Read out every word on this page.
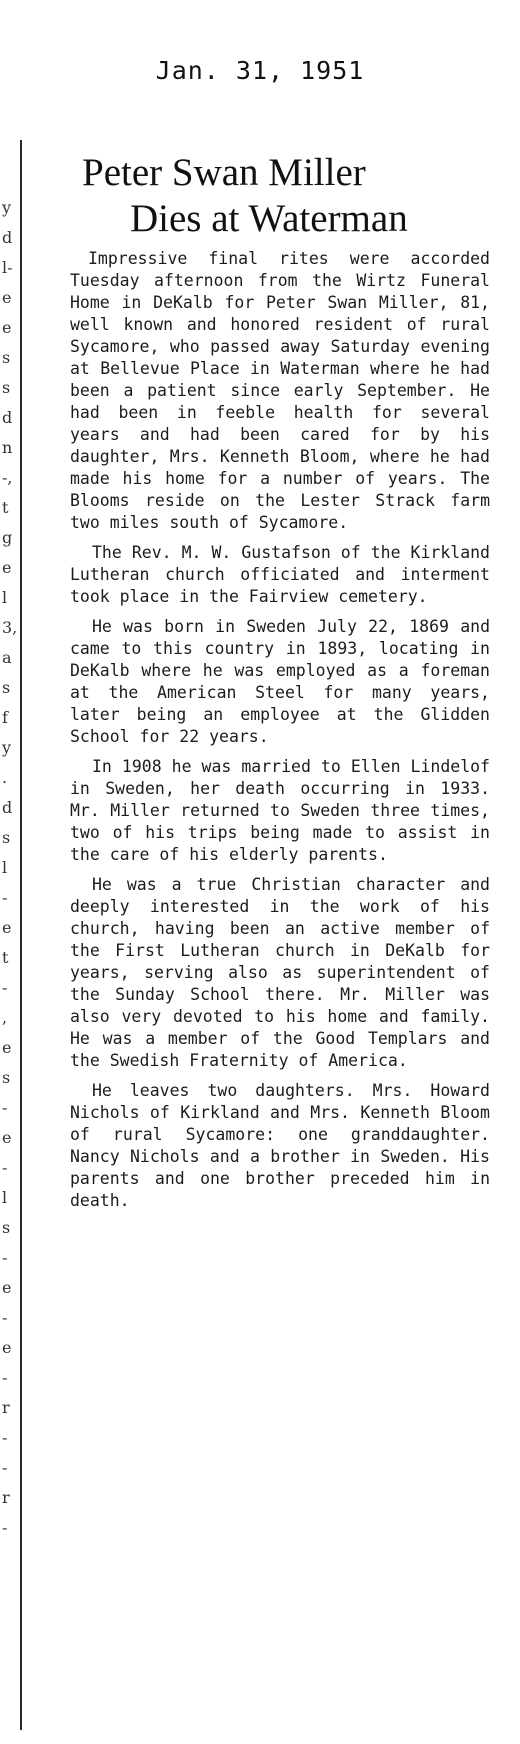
Jan. 31, 1951
y
d
l-
e
e
s
s
d
n
-,
t
g
e
l
3,
a
s
f
y
.
d
s
l
-
e
t
-
,
e
s
-
e
-
l
s
-
e
-
e
-
r
-
-
r
-
Peter Swan Miller
Dies at Waterman

Impressive final rites were accorded Tuesday afternoon from the Wirtz Funeral Home in DeKalb for Peter Swan Miller, 81, well known and honored resident of rural Sycamore, who passed away Saturday evening at Bellevue Place in Waterman where he had been a patient since early September. He had been in feeble health for several years and had been cared for by his daughter, Mrs. Kenneth Bloom, where he had made his home for a number of years. The Blooms reside on the Lester Strack farm two miles south of Sycamore.

The Rev. M. W. Gustafson of the Kirkland Lutheran church officiated and interment took place in the Fairview cemetery.

He was born in Sweden July 22, 1869 and came to this country in 1893, locating in DeKalb where he was employed as a foreman at the American Steel for many years, later being an employee at the Glidden School for 22 years.

In 1908 he was married to Ellen Lindelof in Sweden, her death occurring in 1933. Mr. Miller returned to Sweden three times, two of his trips being made to assist in the care of his elderly parents.

He was a true Christian character and deeply interested in the work of his church, having been an active member of the First Lutheran church in DeKalb for years, serving also as superintendent of the Sunday School there. Mr. Miller was also very devoted to his home and family. He was a member of the Good Templars and the Swedish Fraternity of America.

He leaves two daughters. Mrs. Howard Nichols of Kirkland and Mrs. Kenneth Bloom of rural Sycamore: one granddaughter. Nancy Nichols and a brother in Sweden. His parents and one brother preceded him in death.
